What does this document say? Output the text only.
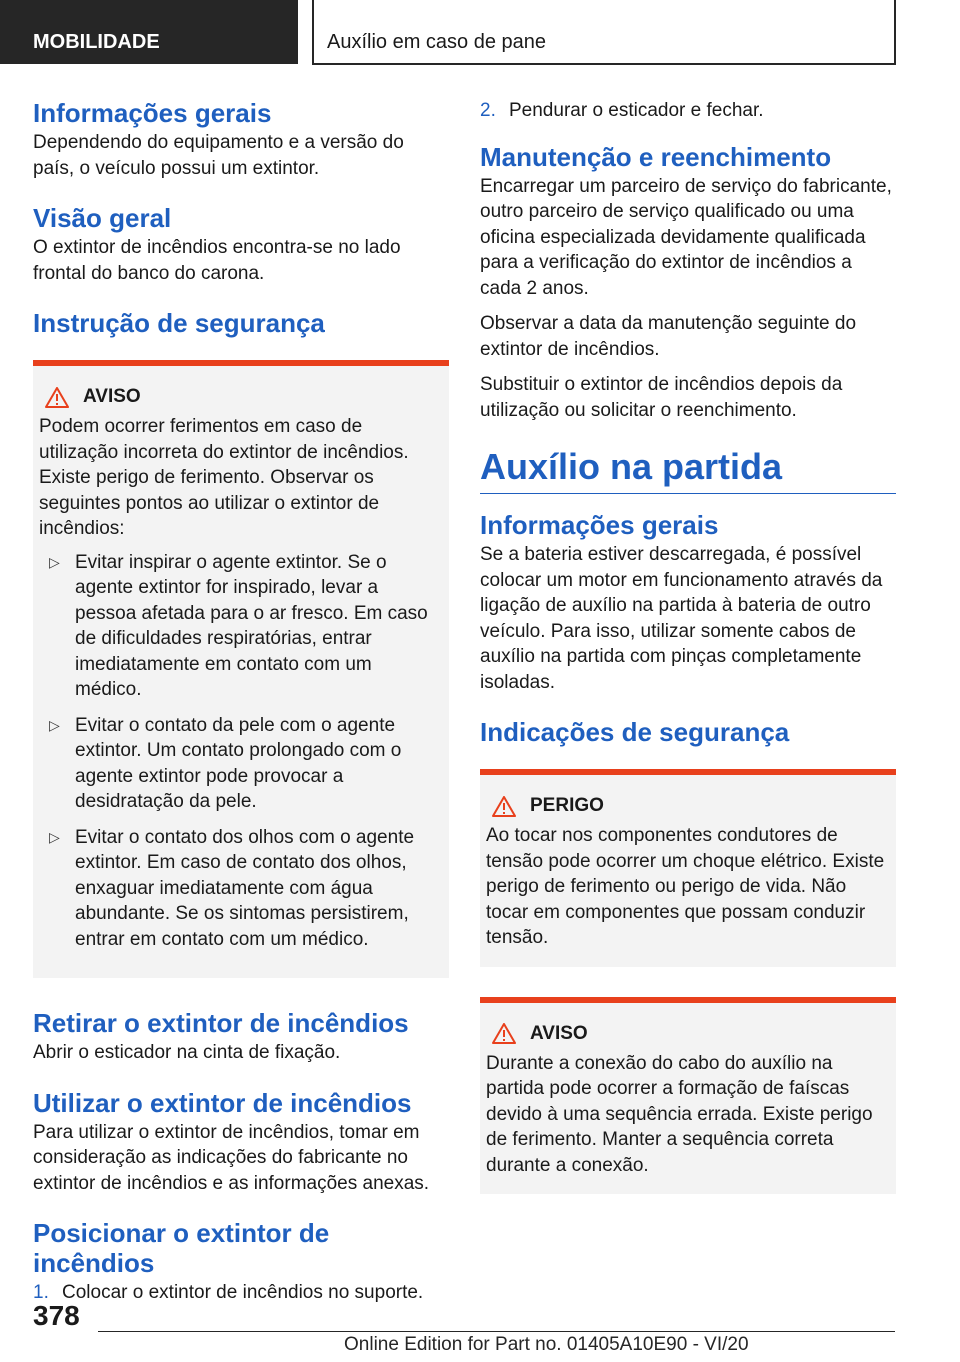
MOBILIDADE	Auxílio em caso de pane
Informações gerais

Dependendo do equipamento e a versão do país, o veículo possui um extintor.

Visão geral

O extintor de incêndios encontra-se no lado frontal do banco do carona.

Instrução de segurança
AVISO

Podem ocorrer ferimentos em caso de utilização incorreta do extintor de incêndios. Existe perigo de ferimento. Observar os seguintes pontos ao utilizar o extintor de incêndios:

▷ Evitar inspirar o agente extintor. Se o agente extintor for inspirado, levar a pessoa afetada para o ar fresco. Em caso de dificuldades respiratórias, entrar imediatamente em contato com um médico.
▷ Evitar o contato da pele com o agente extintor. Um contato prolongado com o agente extintor pode provocar a desidratação da pele.
▷ Evitar o contato dos olhos com o agente extintor. Em caso de contato dos olhos, enxaguar imediatamente com água abundante. Se os sintomas persistirem, entrar em contato com um médico.
Retirar o extintor de incêndios

Abrir o esticador na cinta de fixação.

Utilizar o extintor de incêndios

Para utilizar o extintor de incêndios, tomar em consideração as indicações do fabricante no extintor de incêndios e as informações anexas.

Posicionar o extintor de incêndios
1. Colocar o extintor de incêndios no suporte.
2. Pendurar o esticador e fechar.
Manutenção e reenchimento

Encarregar um parceiro de serviço do fabricante, outro parceiro de serviço qualificado ou uma oficina especializada devidamente qualificada para a verificação do extintor de incêndios a cada 2 anos.

Observar a data da manutenção seguinte do extintor de incêndios.

Substituir o extintor de incêndios depois da utilização ou solicitar o reenchimento.

Auxílio na partida
Informações gerais

Se a bateria estiver descarregada, é possível colocar um motor em funcionamento através da ligação de auxílio na partida à bateria de outro veículo. Para isso, utilizar somente cabos de auxílio na partida com pinças completamente isoladas.

Indicações de segurança
PERIGO

Ao tocar nos componentes condutores de tensão pode ocorrer um choque elétrico. Existe perigo de ferimento ou perigo de vida. Não tocar em componentes que possam conduzir tensão.

AVISO

Durante a conexão do cabo do auxílio na partida pode ocorrer a formação de faíscas devido à uma sequência errada. Existe perigo de ferimento. Manter a sequência correta durante a conexão.

378
Online Edition for Part no. 01405A10E90 - VI/20
